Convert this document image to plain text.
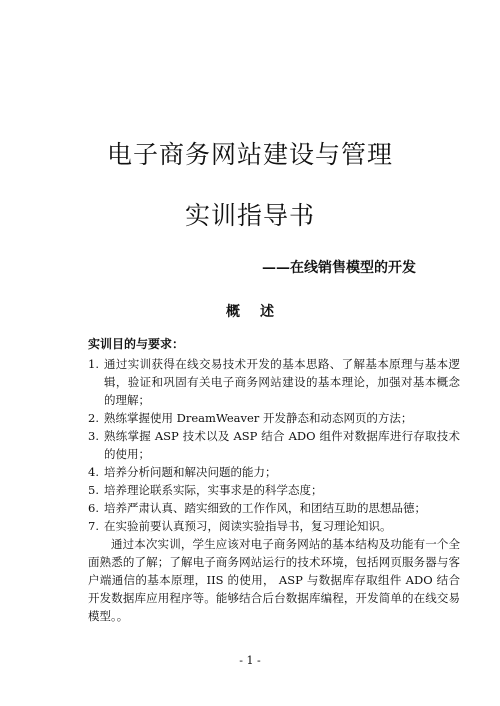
电子商务网站建设与管理
实训指导书
——在线销售模型的开发
概述
实训目的与要求：
1. 通过实训获得在线交易技术开发的基本思路、了解基本原理与基本逻辑，验证和巩固有关电子商务网站建设的基本理论，加强对基本概念的理解；
2. 熟练掌握使用 DreamWeaver 开发静态和动态网页的方法；
3. 熟练掌握 ASP 技术以及 ASP 结合 ADO 组件对数据库进行存取技术的使用；
4. 培养分析问题和解决问题的能力；
5. 培养理论联系实际，实事求是的科学态度；
6. 培养严肃认真、踏实细致的工作作风，和团结互助的思想品德；
7. 在实验前要认真预习，阅读实验指导书，复习理论知识。

通过本次实训，学生应该对电子商务网站的基本结构及功能有一个全面熟悉的了解；了解电子商务网站运行的技术环境，包括网页服务器与客户端通信的基本原理，IIS 的使用， ASP 与数据库存取组件 ADO 结合开发数据库应用程序等。能够结合后台数据库编程，开发简单的在线交易模型。。

- 1 -
